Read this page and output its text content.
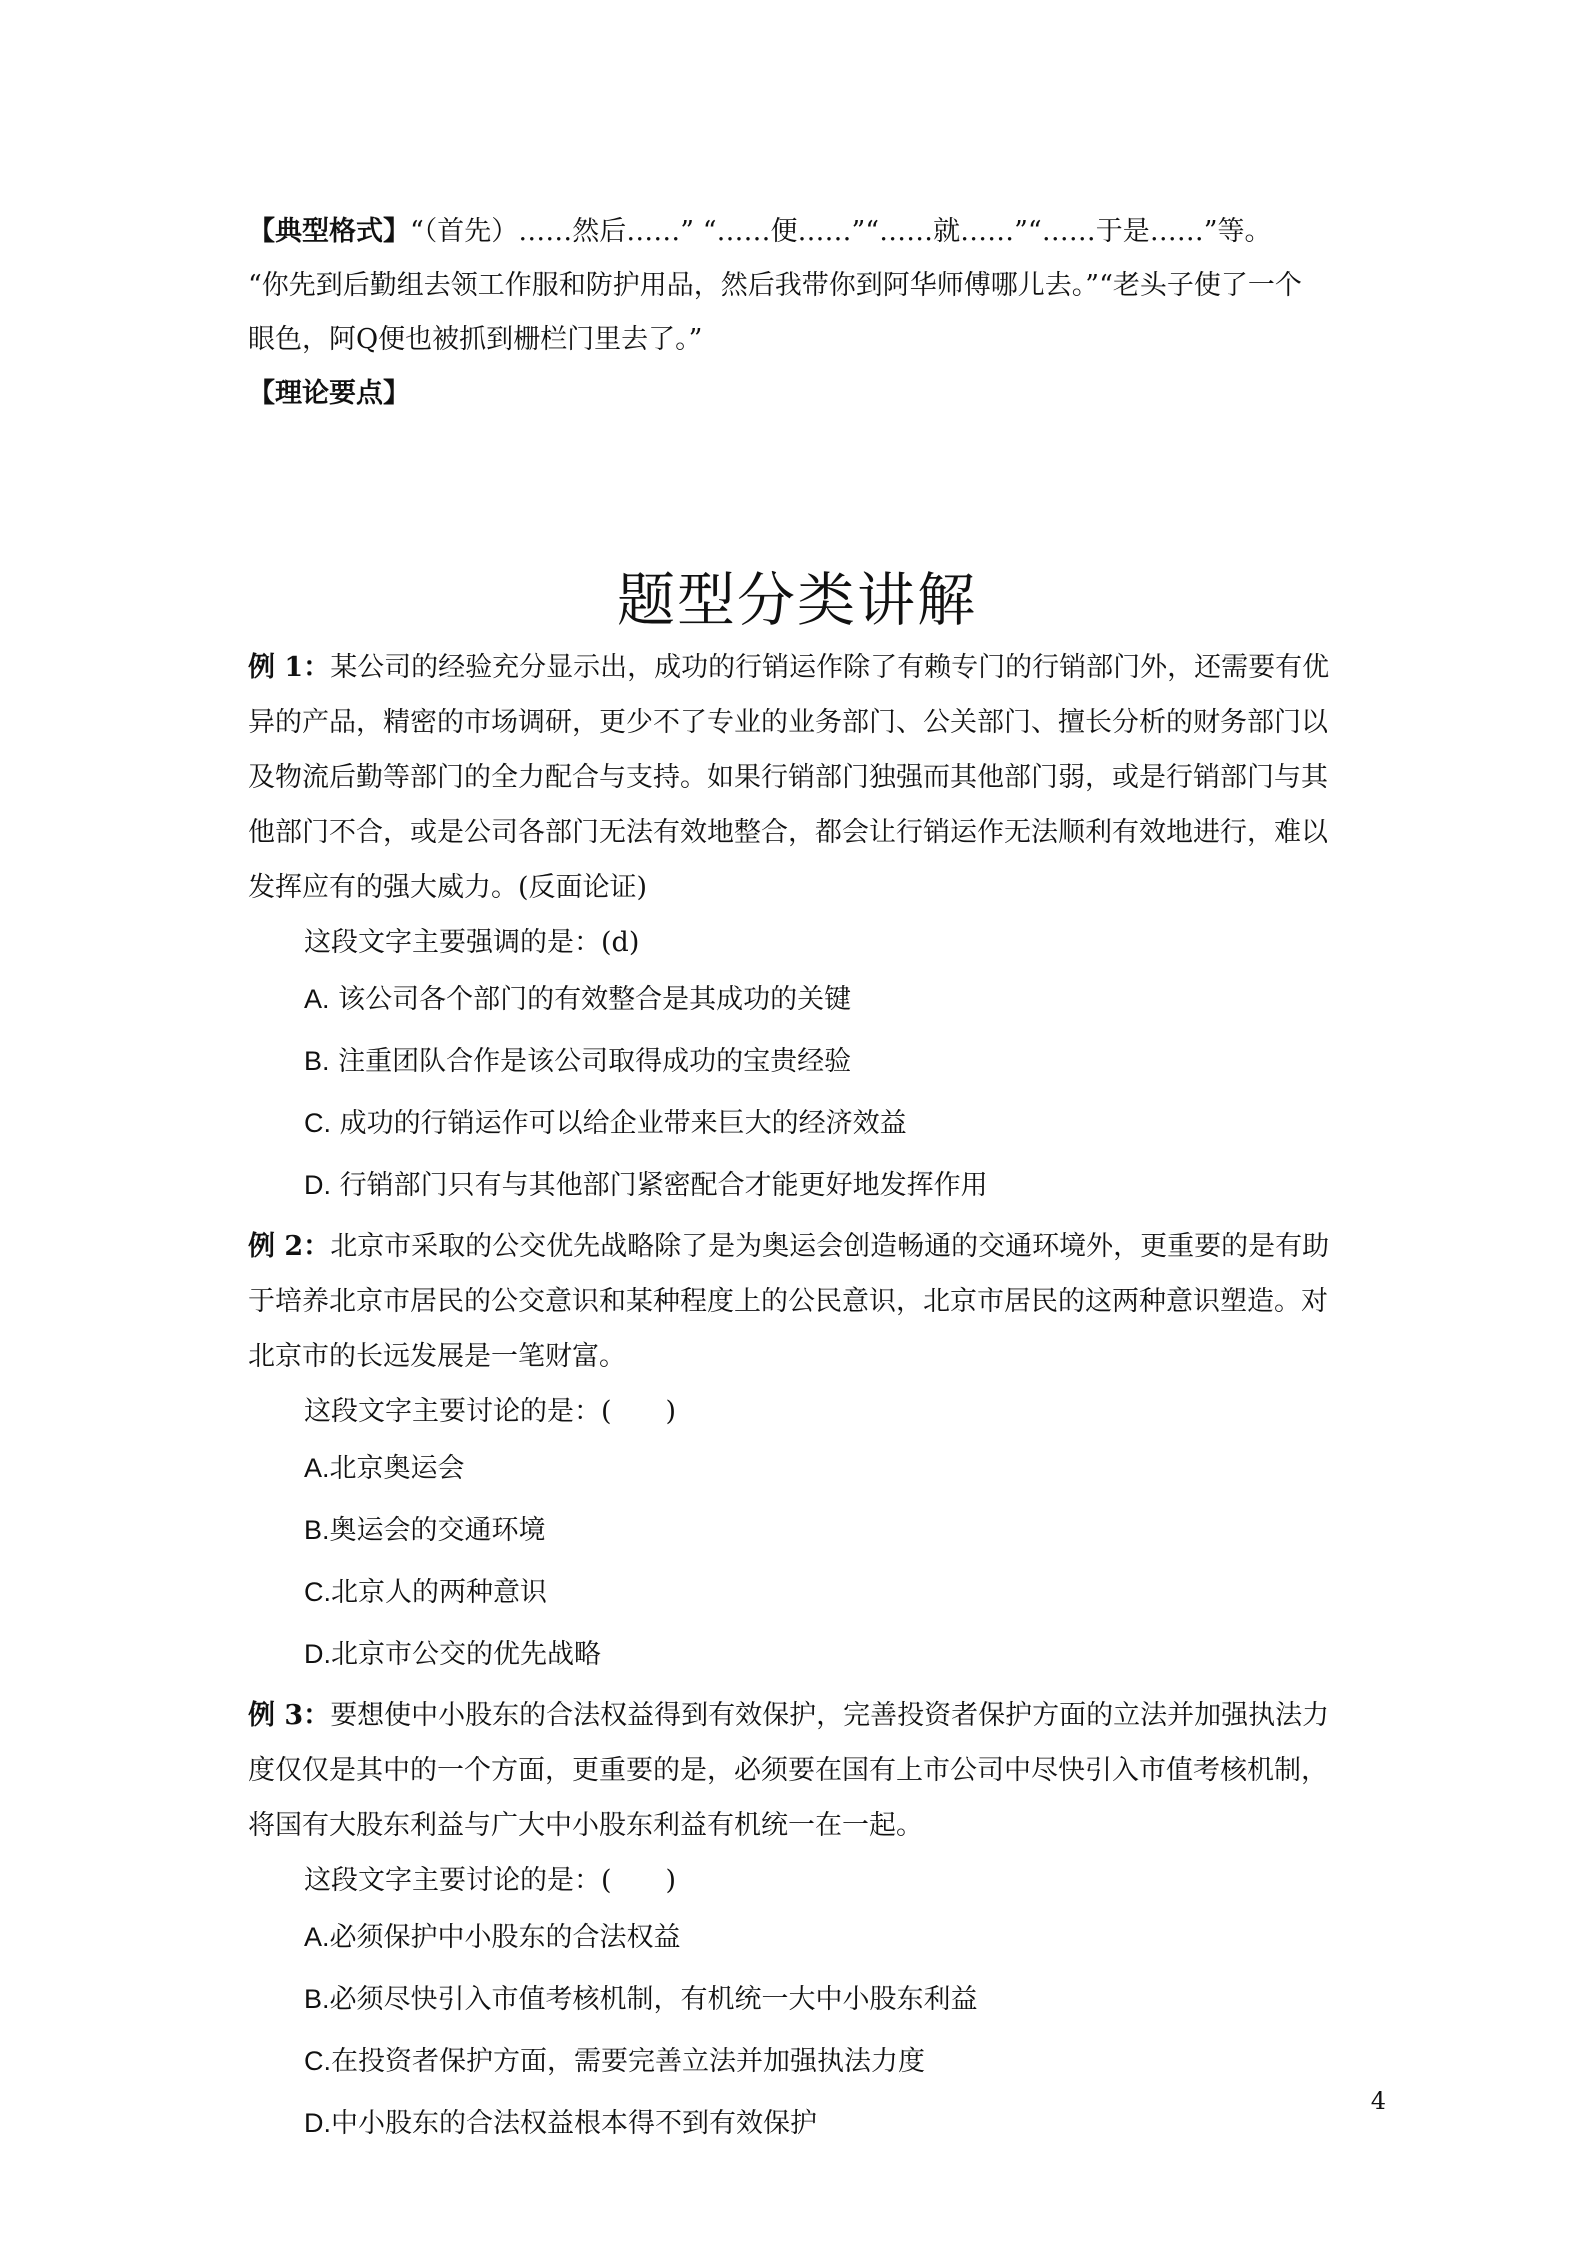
【典型格式】“（首先）……然后……” “……便……”“……就……”“……于是……”等。

“你先到后勤组去领工作服和防护用品，然后我带你到阿华师傅哪儿去。”“老头子使了一个

眼色，阿Q便也被抓到栅栏门里去了。”

【理论要点】

题型分类讲解

例 1：某公司的经验充分显示出，成功的行销运作除了有赖专门的行销部门外，还需要有优

异的产品，精密的市场调研，更少不了专业的业务部门、公关部门、擅长分析的财务部门以

及物流后勤等部门的全力配合与支持。如果行销部门独强而其他部门弱，或是行销部门与其

他部门不合，或是公司各部门无法有效地整合，都会让行销运作无法顺利有效地进行，难以

发挥应有的强大威力。(反面论证)

这段文字主要强调的是：(d)

A. 该公司各个部门的有效整合是其成功的关键
B. 注重团队合作是该公司取得成功的宝贵经验
C. 成功的行销运作可以给企业带来巨大的经济效益
D. 行销部门只有与其他部门紧密配合才能更好地发挥作用

例 2：北京市采取的公交优先战略除了是为奥运会创造畅通的交通环境外，更重要的是有助

于培养北京市居民的公交意识和某种程度上的公民意识，北京市居民的这两种意识塑造。对

北京市的长远发展是一笔财富。

这段文字主要讨论的是：(　　)

A.北京奥运会
B.奥运会的交通环境
C.北京人的两种意识
D.北京市公交的优先战略

例 3：要想使中小股东的合法权益得到有效保护，完善投资者保护方面的立法并加强执法力

度仅仅是其中的一个方面，更重要的是，必须要在国有上市公司中尽快引入市值考核机制，

将国有大股东利益与广大中小股东利益有机统一在一起。

这段文字主要讨论的是：(　　)

A.必须保护中小股东的合法权益
B.必须尽快引入市值考核机制，有机统一大中小股东利益
C.在投资者保护方面，需要完善立法并加强执法力度
D.中小股东的合法权益根本得不到有效保护
4
